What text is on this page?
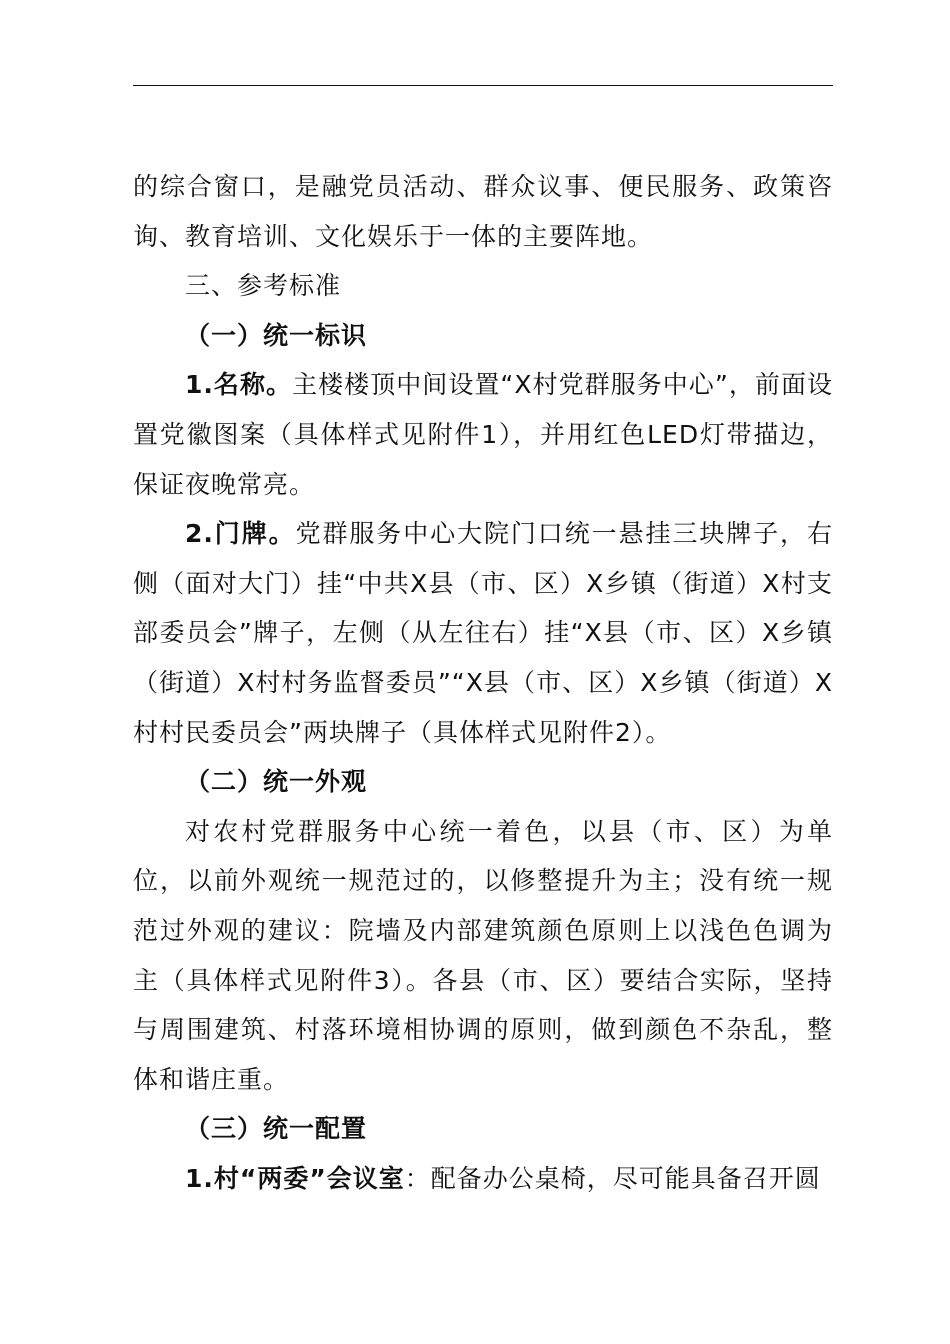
的综合窗口，是融党员活动、群众议事、便民服务、政策咨询、教育培训、文化娱乐于一体的主要阵地。

三、参考标准

（一）统一标识

1.名称。主楼楼顶中间设置“X村党群服务中心”，前面设置党徽图案（具体样式见附件1），并用红色LED灯带描边，保证夜晚常亮。

2.门牌。党群服务中心大院门口统一悬挂三块牌子，右侧（面对大门）挂“中共X县（市、区）X乡镇（街道）X村支部委员会”牌子，左侧（从左往右）挂“X县（市、区）X乡镇（街道）X村村务监督委员”“X县（市、区）X乡镇（街道）X村村民委员会”两块牌子（具体样式见附件2）。

（二）统一外观

对农村党群服务中心统一着色，以县（市、区）为单位，以前外观统一规范过的，以修整提升为主；没有统一规范过外观的建议：院墙及内部建筑颜色原则上以浅色色调为主（具体样式见附件3）。各县（市、区）要结合实际，坚持与周围建筑、村落环境相协调的原则，做到颜色不杂乱，整体和谐庄重。

（三）统一配置

1.村“两委”会议室：配备办公桌椅，尽可能具备召开圆
